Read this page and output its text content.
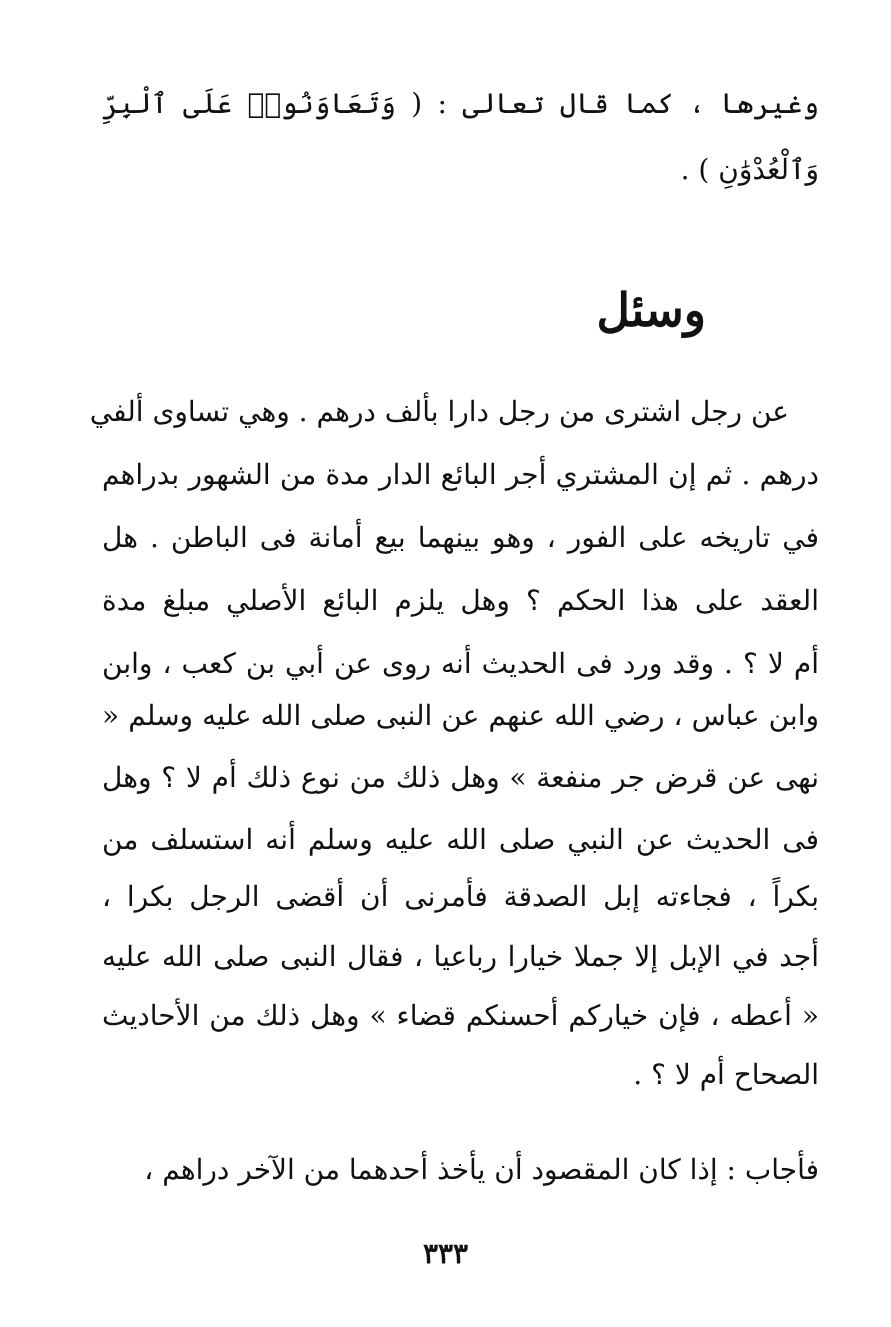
وغيرها ، كما قال تعالى : ( وَتَعَاوَنُوا۟ عَلَى ٱلْبِرِّ
وَٱلْعُدْوَٰنِ ) .
وسئل
عن رجل اشترى من رجل دارا بألف درهم . وهي تساوى ألفي
درهم . ثم إن المشتري أجر البائع الدار مدة من الشهور بدراهم
في تاريخه على الفور ، وهو بينهما بيع أمانة فى الباطن . هل
العقد على هذا الحكم ؟ وهل يلزم البائع الأصلي مبلغ مدة
أم لا ؟ . وقد ورد فى الحديث أنه روى عن أبي بن كعب ، وابن
وابن عباس ، رضي الله عنهم عن النبى صلى الله عليه وسلم «
نهى عن قرض جر منفعة » وهل ذلك من نوع ذلك أم لا ؟ وهل
فى الحديث عن النبي صلى الله عليه وسلم أنه استسلف من
بكراً ، فجاءته إبل الصدقة فأمرنى أن أقضى الرجل بكرا ،
أجد في الإبل إلا جملا خيارا رباعيا ، فقال النبى صلى الله عليه
« أعطه ، فإن خياركم أحسنكم قضاء » وهل ذلك من الأحاديث
الصحاح أم لا ؟ .
فأجاب : إذا كان المقصود أن يأخذ أحدهما من الآخر دراهم ،
٣٣٣
